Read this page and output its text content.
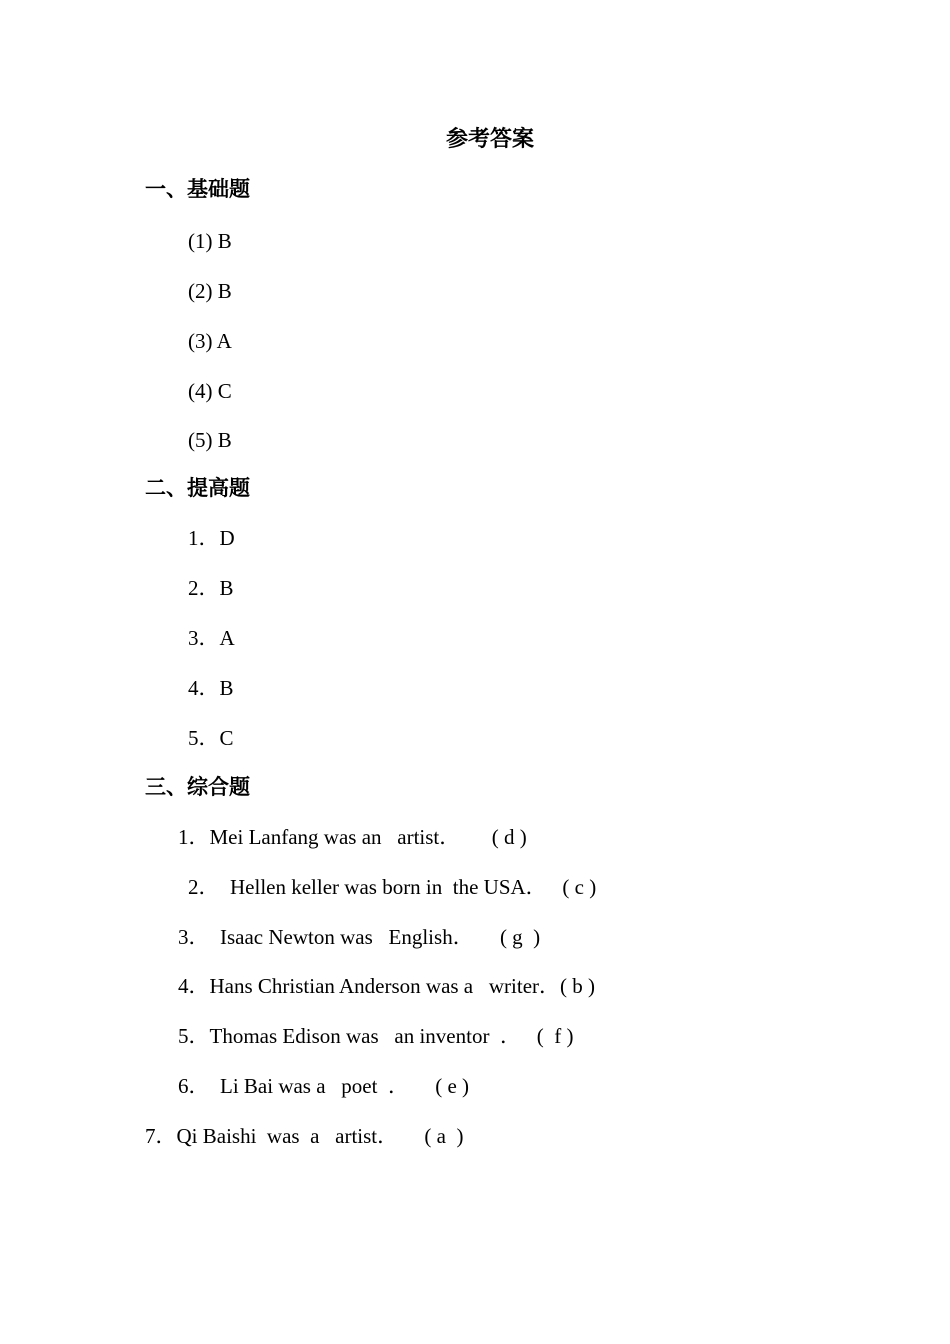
参考答案
一、基础题
(1) B
(2) B
(3) A
(4) C
(5) B
二、提高题
1．D
2．B
3．A
4．B
5．C
三、综合题
1．Mei Lanfang was an   artist．      ( d )
2．  Hellen keller was born in  the USA．   ( c )
3．  Isaac Newton was   English．     ( g  )
4．Hans Christian Anderson was a   writer．( b )
5．Thomas Edison was   an inventor  ．   (  f )
6．  Li Bai was a   poet  ．     ( e )
7．Qi Baishi  was  a   artist．     ( a  )
